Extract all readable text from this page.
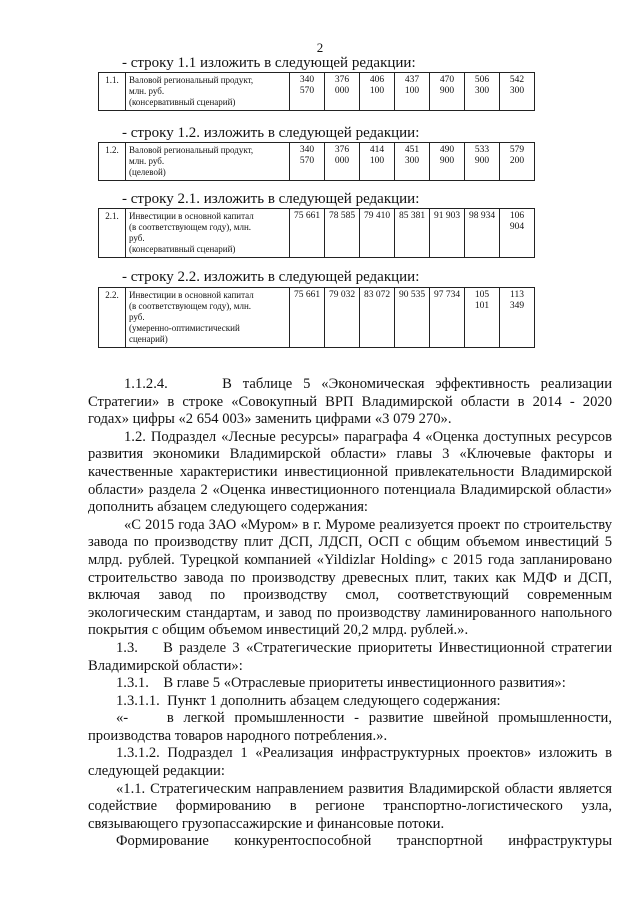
2
- строку 1.1 изложить в следующей редакции:
1.1.	Валовой региональный продукт,
млн. руб.
(консервативный сценарий)
	340 570	376 000	406 100	437 100	470 900	506 300	542 300
- строку 1.2. изложить в следующей редакции:
1.2.	Валовой региональный продукт,
млн. руб.
(целевой)
	340 570	376 000	414 100	451 300	490 900	533 900	579 200
- строку 2.1. изложить в следующей редакции:
2.1.	Инвестиции в основной капитал
(в соответствующем году), млн.
руб.
(консервативный сценарий)
	75 661	78 585	79 410	85 381	91 903	98 934	106 904
- строку 2.2. изложить в следующей редакции:
2.2.	Инвестиции в основной капитал
(в соответствующем году), млн.
руб.
(умеренно-оптимистический
сценарий)
	75 661	79 032	83 072	90 535	97 734	105 101	113 349

1.1.2.4.     В таблице 5 «Экономическая эффективность реализации Стратегии» в строке «Совокупный ВРП Владимирской области в 2014 - 2020 годах» цифры «2 654 003» заменить цифрами «3 079 270».

1.2. Подраздел «Лесные ресурсы» параграфа 4 «Оценка доступных ресурсов развития экономики Владимирской области» главы 3 «Ключевые факторы и качественные характеристики инвестиционной привлекательности Владимирской области» раздела 2 «Оценка инвестиционного потенциала Владимирской области» дополнить абзацем следующего содержания:

«С 2015 года ЗАО «Муром» в г. Муроме реализуется проект по строительству завода по производству плит ДСП, ЛДСП, ОСП с общим объемом инвестиций 5 млрд. рублей. Турецкой компанией «Yildizlar Holding» с 2015 года запланировано строительство завода по производству древесных плит, таких как МДФ и ДСП, включая завод по производству смол, соответствующий современным экологическим стандартам, и завод по производству ламинированного напольного покрытия с общим объемом инвестиций 20,2 млрд. рублей.».

1.3.    В разделе 3 «Стратегические приоритеты Инвестиционной стратегии Владимирской области»:

1.3.1.    В главе 5 «Отраслевые приоритеты инвестиционного развития»:

1.3.1.1.  Пункт 1 дополнить абзацем следующего содержания:

«-    в легкой промышленности - развитие швейной промышленности, производства товаров народного потребления.».

1.3.1.2. Подраздел 1 «Реализация инфраструктурных проектов» изложить в следующей редакции:

«1.1. Стратегическим направлением развития Владимирской области является содействие формированию в регионе транспортно-логистического узла, связывающего грузопассажирские и финансовые потоки.

Формирование конкурентоспособной транспортной инфраструктуры
